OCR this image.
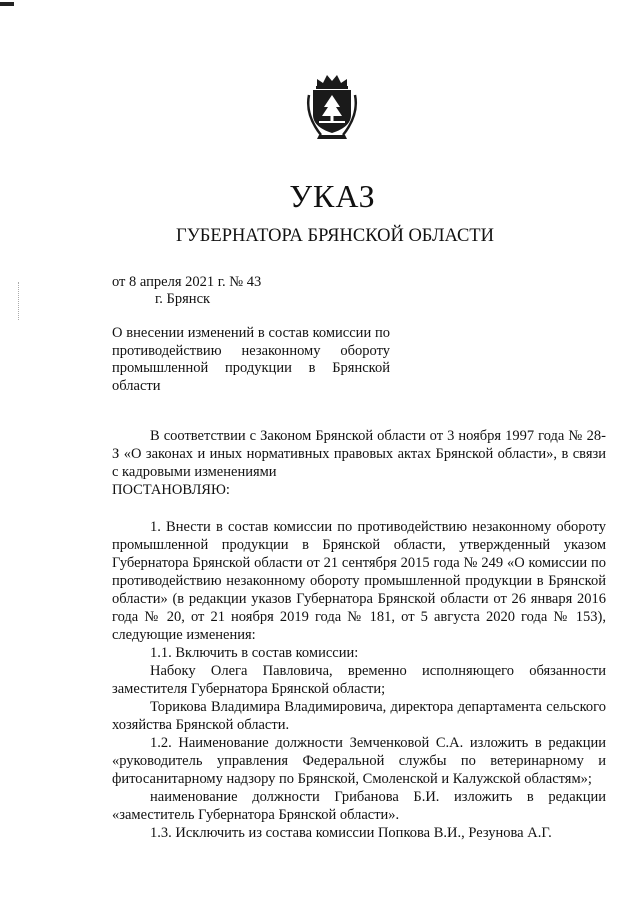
УКАЗ
ГУБЕРНАТОРА БРЯНСКОЙ ОБЛАСТИ
от 8 апреля 2021 г. № 43
г. Брянск
О внесении изменений в состав комиссии по противодействию незаконному обороту промышленной продукции в Брянской области

В соответствии с Законом Брянской области от 3 ноября 1997 года № 28-З «О законах и иных нормативных правовых актах Брянской области», в связи с кадровыми изменениями

ПОСТАНОВЛЯЮ:

1. Внести в состав комиссии по противодействию незаконному обороту промышленной продукции в Брянской области, утвержденный указом Губернатора Брянской области от 21 сентября 2015 года № 249 «О комиссии по противодействию незаконному обороту промышленной продукции в Брянской области» (в редакции указов Губернатора Брянской области от 26 января 2016 года № 20, от 21 ноября 2019 года № 181, от 5 августа 2020 года № 153), следующие изменения:

1.1. Включить в состав комиссии:

Набоку Олега Павловича, временно исполняющего обязанности заместителя Губернатора Брянской области;

Торикова Владимира Владимировича, директора департамента сельского хозяйства Брянской области.

1.2. Наименование должности Земченковой С.А. изложить в редакции «руководитель управления Федеральной службы по ветеринарному и фитосанитарному надзору по Брянской, Смоленской и Калужской областям»;

наименование должности Грибанова Б.И. изложить в редакции «заместитель Губернатора Брянской области».

1.3. Исключить из состава комиссии Попкова В.И., Резунова А.Г.
